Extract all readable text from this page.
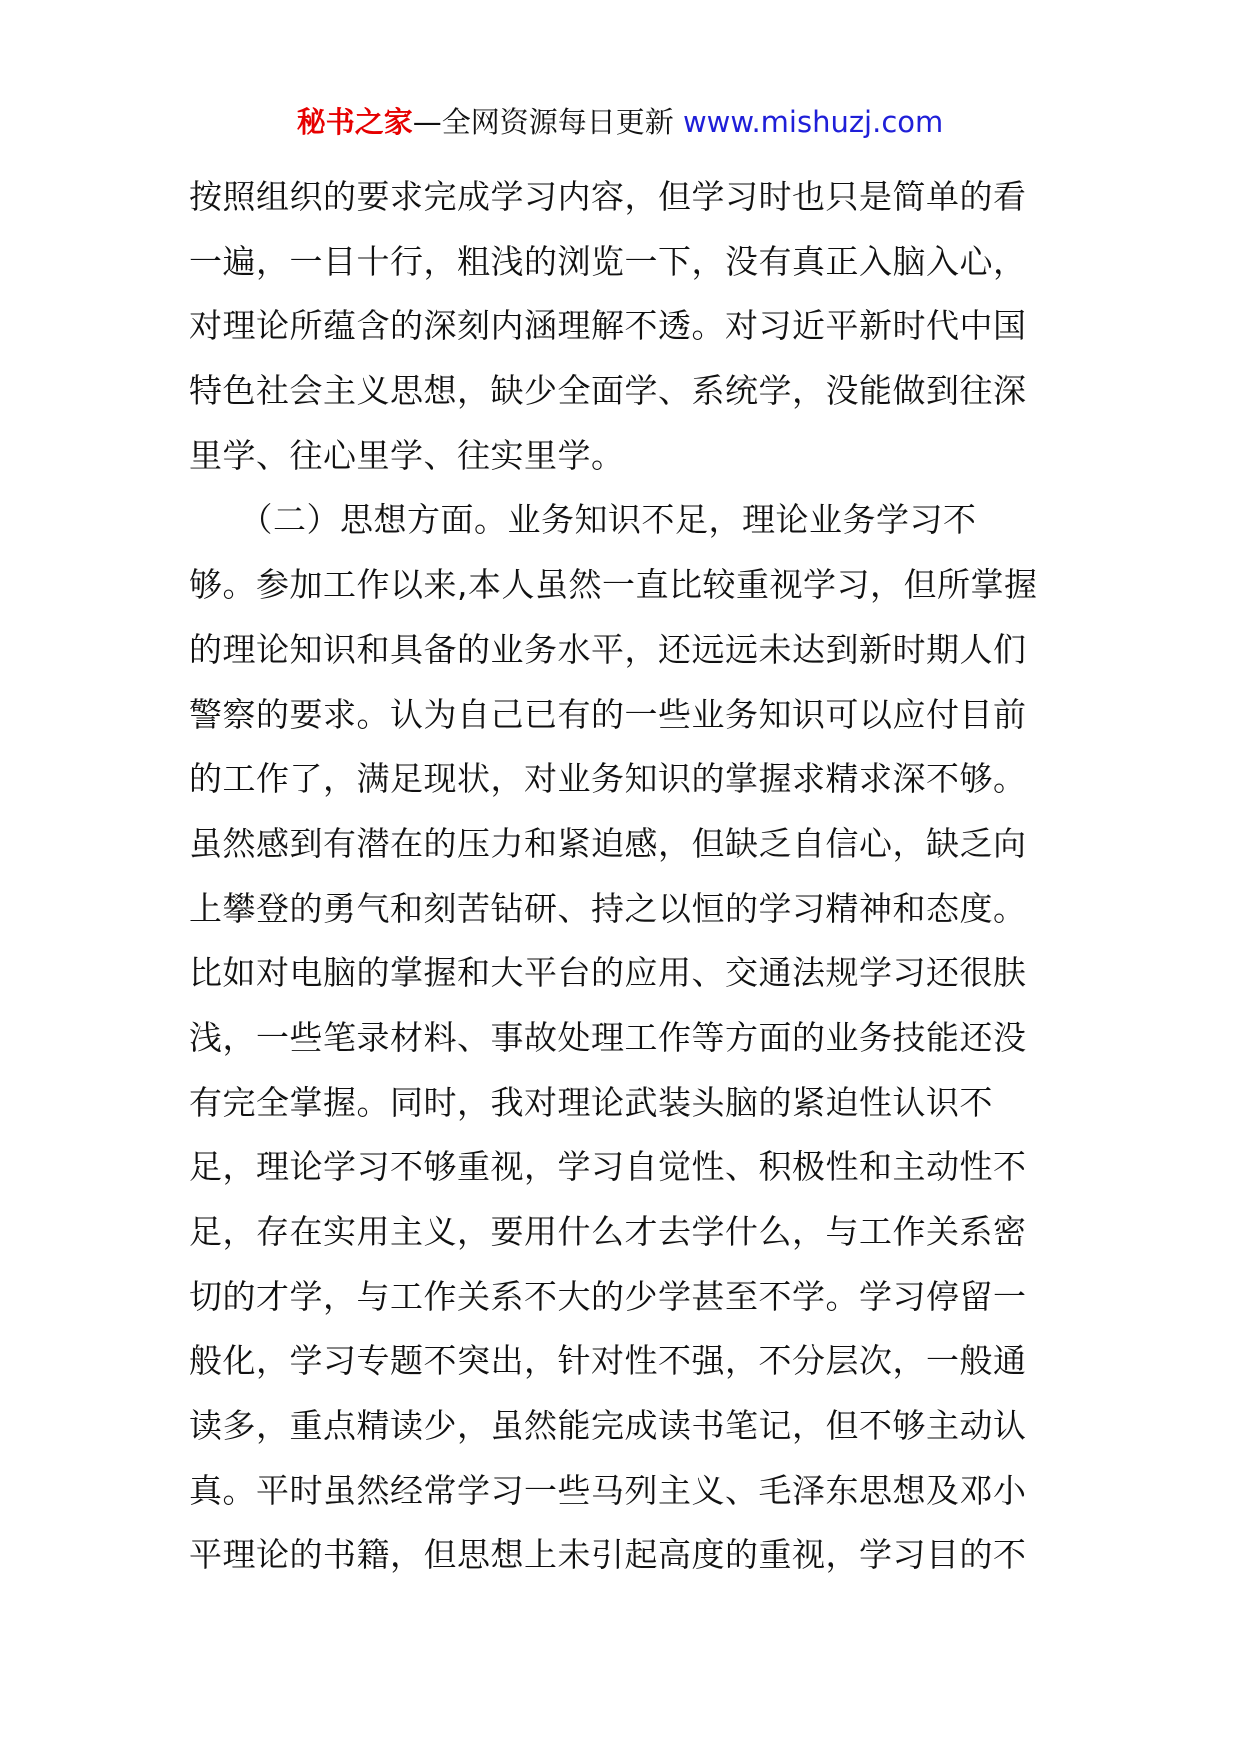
秘书之家—全网资源每日更新 www.mishuzj.com
按照组织的要求完成学习内容，但学习时也只是简单的看
一遍，一目十行，粗浅的浏览一下，没有真正入脑入心，
对理论所蕴含的深刻内涵理解不透。对习近平新时代中国
特色社会主义思想，缺少全面学、系统学，没能做到往深
里学、往心里学、往实里学。
　　（二）思想方面。业务知识不足，理论业务学习不
够。参加工作以来,本人虽然一直比较重视学习，但所掌握
的理论知识和具备的业务水平，还远远未达到新时期人们
警察的要求。认为自己已有的一些业务知识可以应付目前
的工作了，满足现状，对业务知识的掌握求精求深不够。
虽然感到有潜在的压力和紧迫感，但缺乏自信心，缺乏向
上攀登的勇气和刻苦钻研、持之以恒的学习精神和态度。
比如对电脑的掌握和大平台的应用、交通法规学习还很肤
浅，一些笔录材料、事故处理工作等方面的业务技能还没
有完全掌握。同时，我对理论武装头脑的紧迫性认识不
足，理论学习不够重视，学习自觉性、积极性和主动性不
足，存在实用主义，要用什么才去学什么，与工作关系密
切的才学，与工作关系不大的少学甚至不学。学习停留一
般化，学习专题不突出，针对性不强，不分层次，一般通
读多，重点精读少，虽然能完成读书笔记，但不够主动认
真。平时虽然经常学习一些马列主义、毛泽东思想及邓小
平理论的书籍，但思想上未引起高度的重视，学习目的不
